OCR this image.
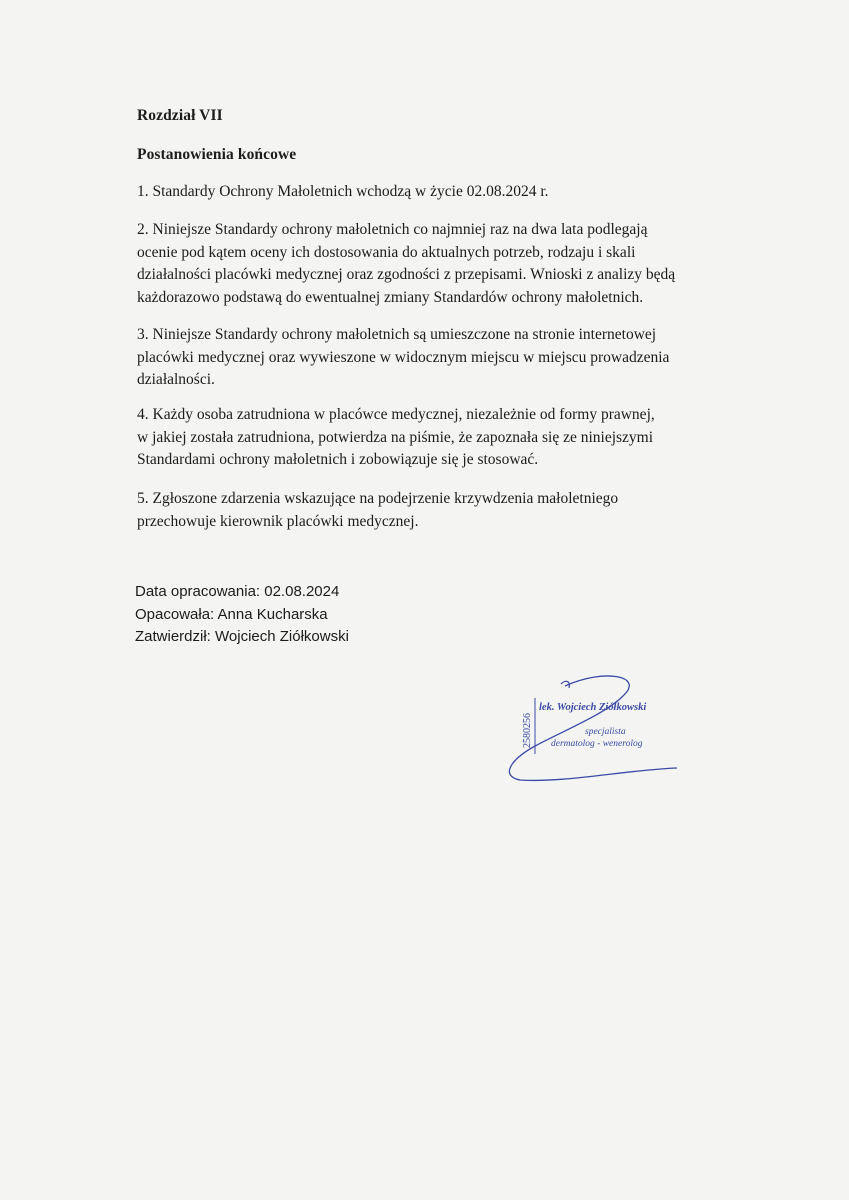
Rozdział VII
Postanowienia końcowe
1. Standardy Ochrony Małoletnich wchodzą w życie 02.08.2024 r.
2. Niniejsze Standardy ochrony małoletnich co najmniej raz na dwa lata podlegają
ocenie pod kątem oceny ich dostosowania do aktualnych potrzeb, rodzaju i skali
działalności placówki medycznej oraz zgodności z przepisami. Wnioski z analizy będą
każdorazowo podstawą do ewentualnej zmiany Standardów ochrony małoletnich.
3. Niniejsze Standardy ochrony małoletnich są umieszczone na stronie internetowej
placówki medycznej oraz wywieszone w widocznym miejscu w miejscu prowadzenia
działalności.
4. Każdy osoba zatrudniona w placówce medycznej, niezależnie od formy prawnej,
w jakiej została zatrudniona, potwierdza na piśmie, że zapoznała się ze niniejszymi
Standardami ochrony małoletnich i zobowiązuje się je stosować.
5. Zgłoszone zdarzenia wskazujące na podejrzenie krzywdzenia małoletniego
przechowuje kierownik placówki medycznej.
Data opracowania: 02.08.2024
Opacowała: Anna Kucharska
Zatwierdził: Wojciech Ziółkowski
2580256
lek. Wojciech Ziółkowski
specjalista
dermatolog - wenerolog
